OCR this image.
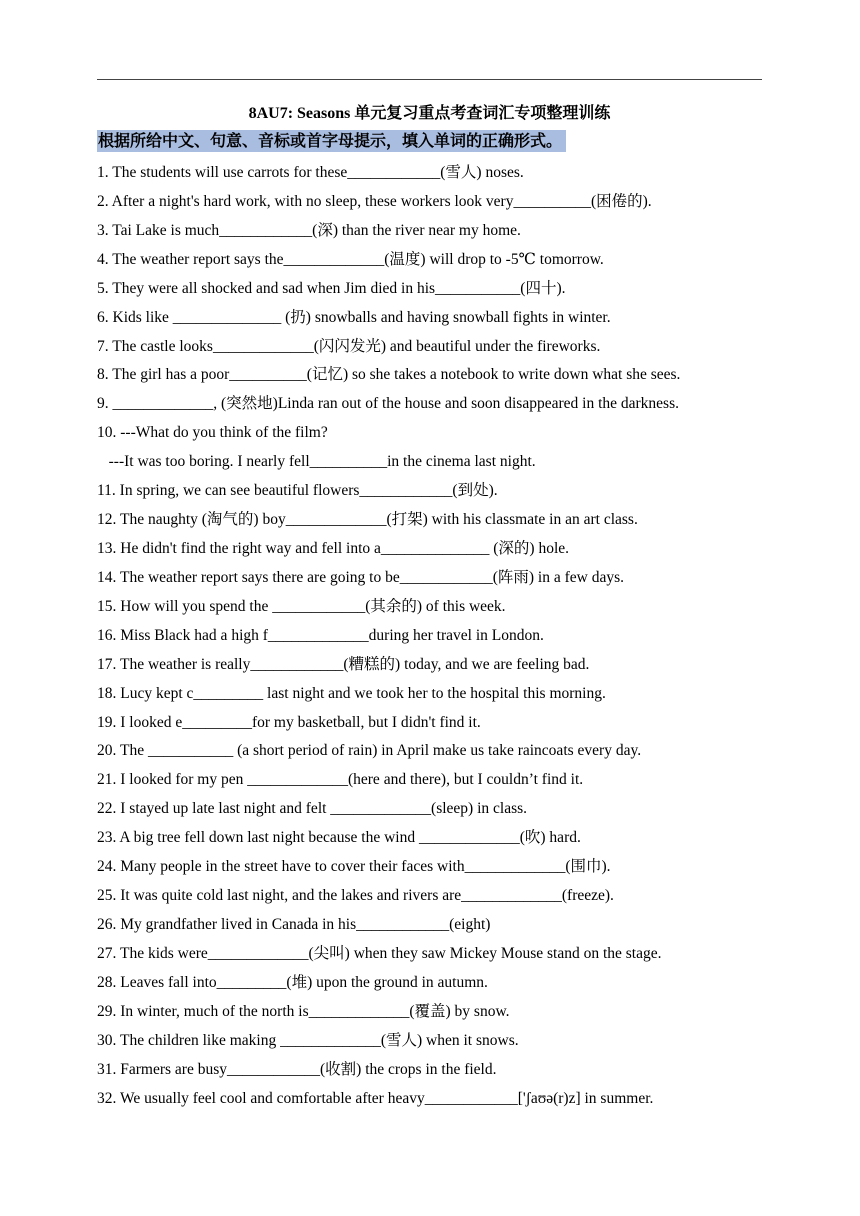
8AU7: Seasons 单元复习重点考查词汇专项整理训练
根据所给中文、句意、音标或首字母提示，填入单词的正确形式。
1. The students will use carrots for these____________(雪人) noses.
2. After a night's hard work, with no sleep, these workers look very__________(困倦的).
3. Tai Lake is much____________(深) than the river near my home.
4. The weather report says the_____________(温度) will drop to -5℃ tomorrow.
5. They were all shocked and sad when Jim died in his___________(四十).
6. Kids like ______________ (扔) snowballs and having snowball fights in winter.
7. The castle looks_____________(闪闪发光) and beautiful under the fireworks.
8. The girl has a poor__________(记忆) so she takes a notebook to write down what she sees.
9. _____________, (突然地)Linda ran out of the house and soon disappeared in the darkness.
10. ---What do you think of the film?
---It was too boring. I nearly fell__________in the cinema last night.
11. In spring, we can see beautiful flowers____________(到处).
12. The naughty (淘气的) boy_____________(打架) with his classmate in an art class.
13. He didn't find the right way and fell into a______________ (深的) hole.
14. The weather report says there are going to be____________(阵雨) in a few days.
15. How will you spend the ____________(其余的) of this week.
16. Miss Black had a high f_____________during her travel in London.
17. The weather is really____________(糟糕的) today, and we are feeling bad.
18. Lucy kept c_________ last night and we took her to the hospital this morning.
19. I looked e_________for my basketball, but I didn't find it.
20. The ___________ (a short period of rain) in April make us take raincoats every day.
21. I looked for my pen _____________(here and there), but I couldn’t find it.
22. I stayed up late last night and felt _____________(sleep) in class.
23. A big tree fell down last night because the wind _____________(吹) hard.
24. Many people in the street have to cover their faces with_____________(围巾).
25. It was quite cold last night, and the lakes and rivers are_____________(freeze).
26. My grandfather lived in Canada in his____________(eight)
27. The kids were_____________(尖叫) when they saw Mickey Mouse stand on the stage.
28. Leaves fall into_________(堆) upon the ground in autumn.
29. In winter, much of the north is_____________(覆盖) by snow.
30. The children like making _____________(雪人) when it snows.
31. Farmers are busy____________(收割) the crops in the field.
32. We usually feel cool and comfortable after heavy____________['ʃaʊə(r)z] in summer.
